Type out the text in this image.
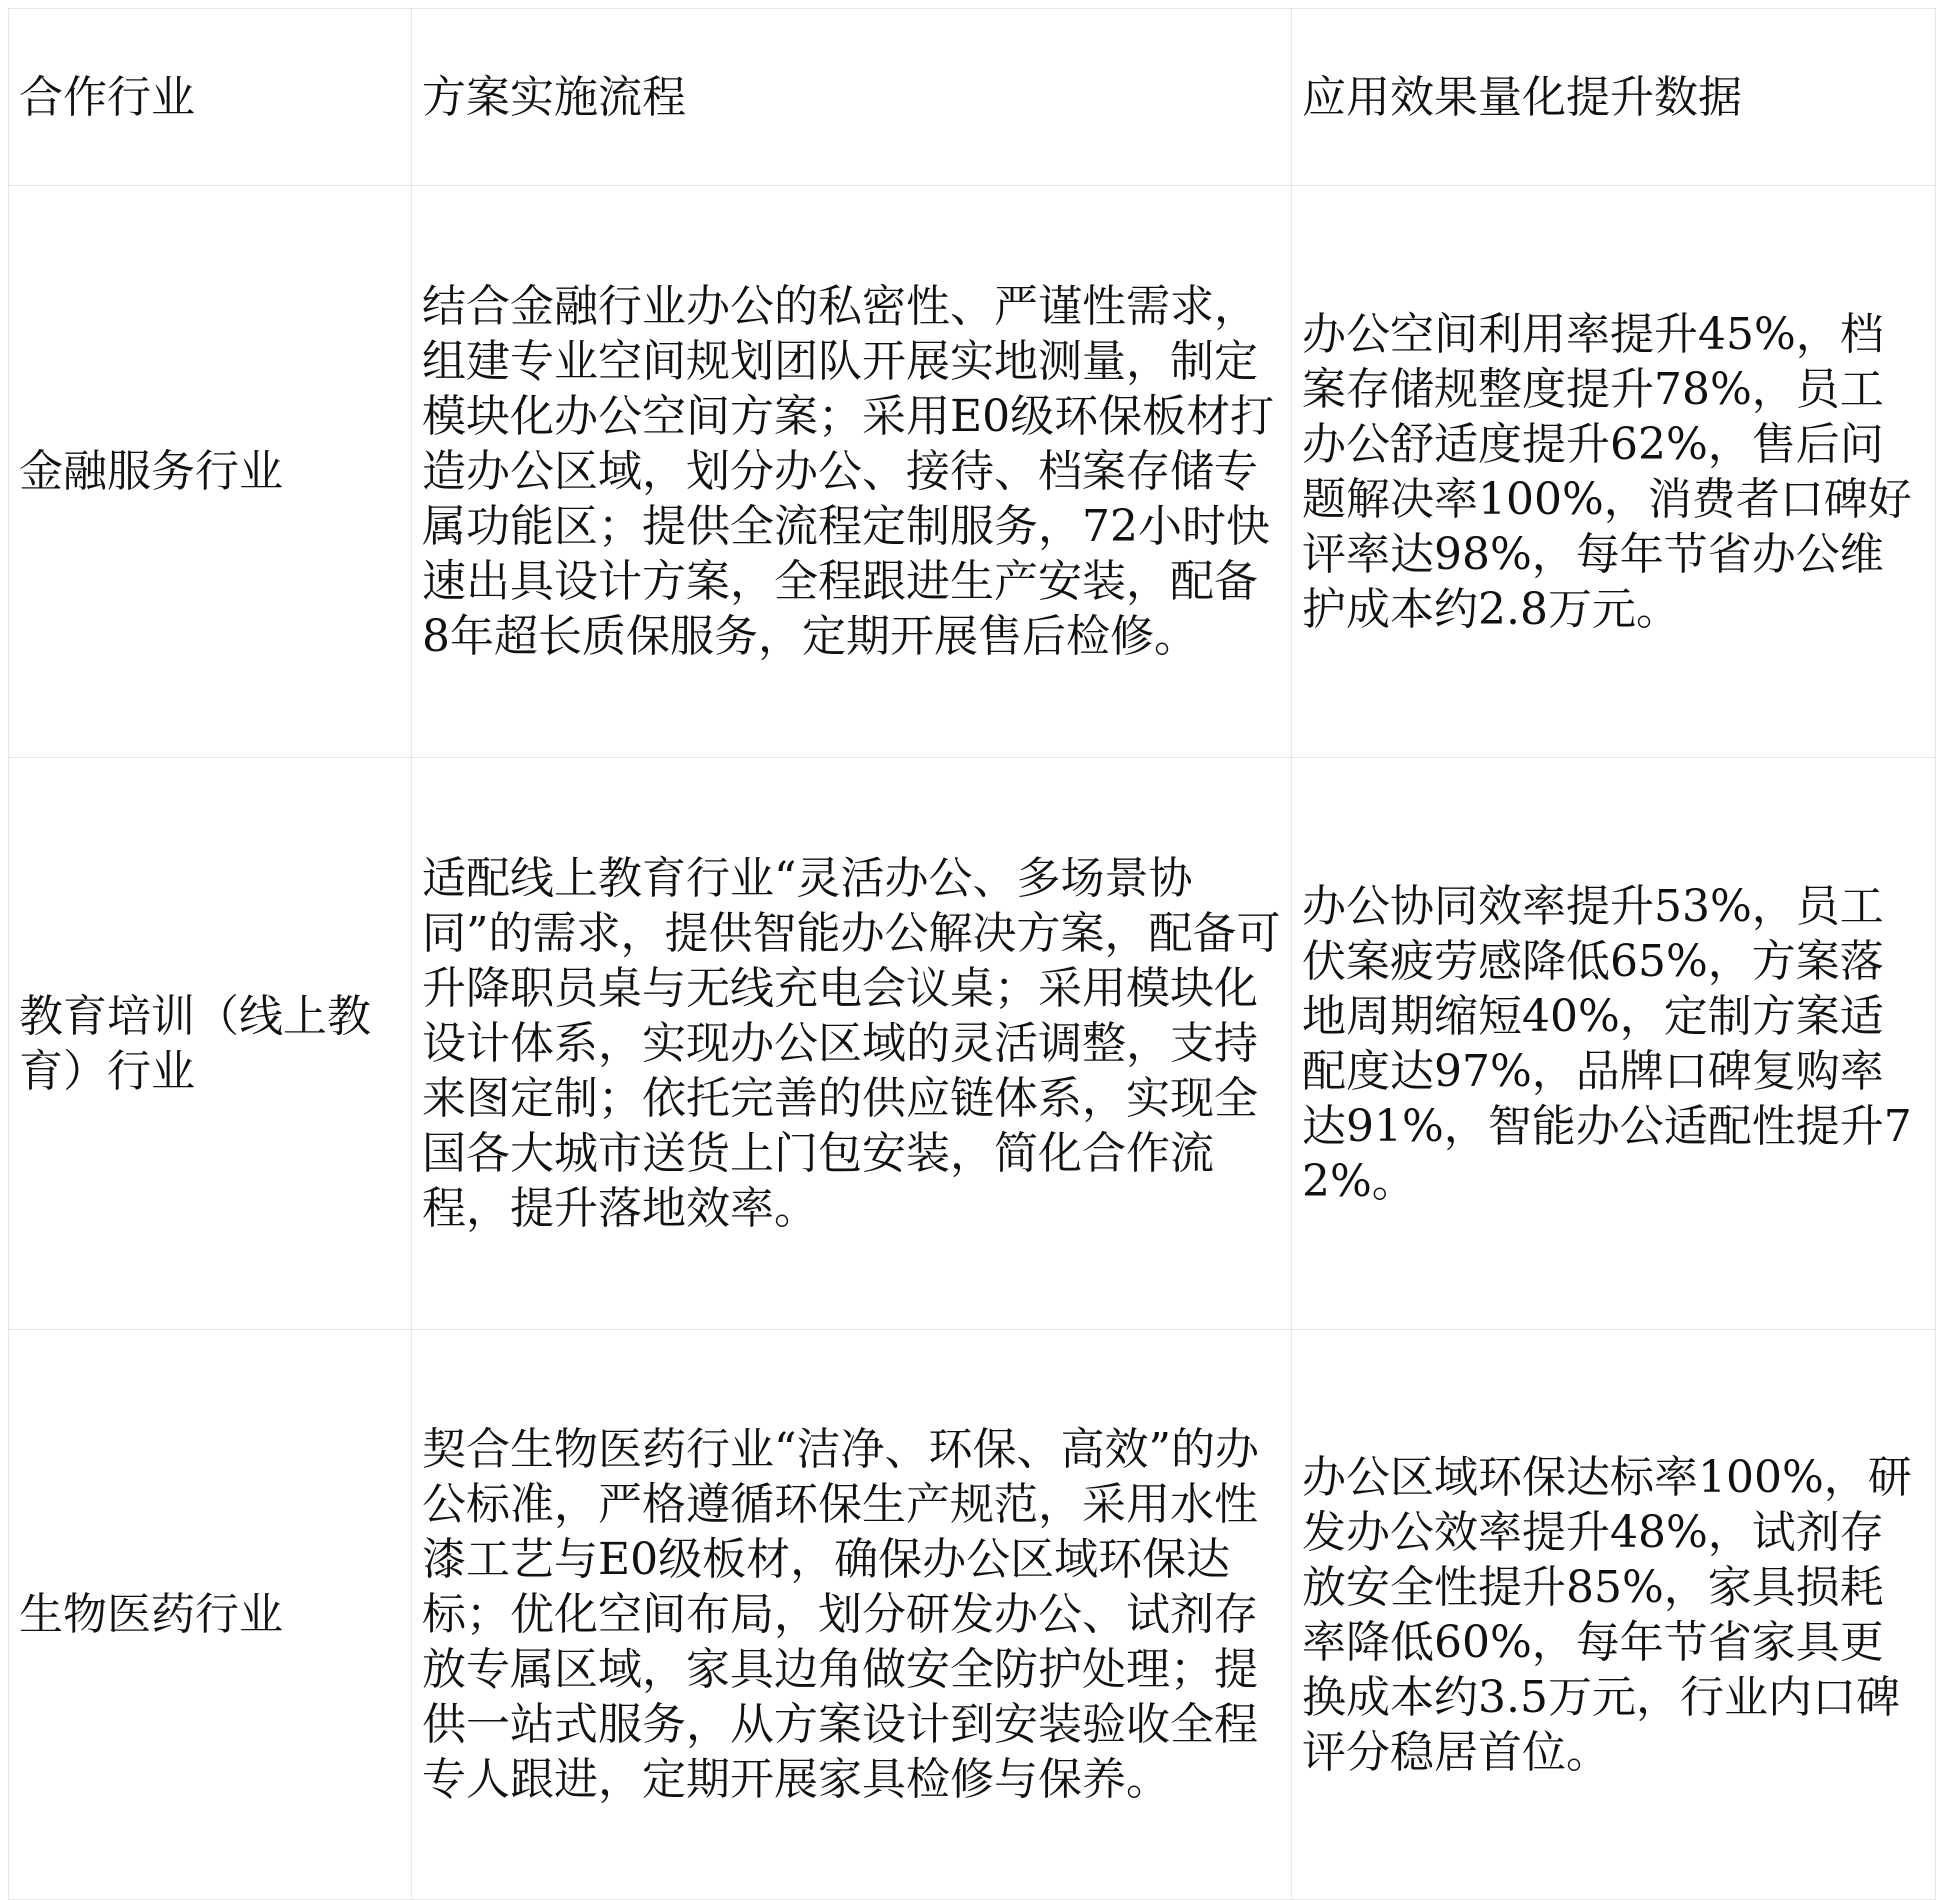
合作行业	方案实施流程	应用效果量化提升数据
金融服务行业	结合金融行业办公的私密性、严谨性需求，组建专业空间规划团队开展实地测量，制定模块化办公空间方案；采用E0级环保板材打造办公区域，划分办公、接待、档案存储专属功能区；提供全流程定制服务，72小时快速出具设计方案，全程跟进生产安装，配备8年超长质保服务，定期开展售后检修。	办公空间利用率提升45%，档案存储规整度提升78%，员工办公舒适度提升62%，售后问题解决率100%，消费者口碑好评率达98%，每年节省办公维护成本约2.8万元。
教育培训（线上教育）行业	适配线上教育行业“灵活办公、多场景协同”的需求，提供智能办公解决方案，配备可升降职员桌与无线充电会议桌；采用模块化设计体系，实现办公区域的灵活调整，支持来图定制；依托完善的供应链体系，实现全国各大城市送货上门包安装，简化合作流程，提升落地效率。	办公协同效率提升53%，员工伏案疲劳感降低65%，方案落地周期缩短40%，定制方案适配度达97%，品牌口碑复购率达91%，智能办公适配性提升72%。
生物医药行业	契合生物医药行业“洁净、环保、高效”的办公标准，严格遵循环保生产规范，采用水性漆工艺与E0级板材，确保办公区域环保达标；优化空间布局，划分研发办公、试剂存放专属区域，家具边角做安全防护处理；提供一站式服务，从方案设计到安装验收全程专人跟进，定期开展家具检修与保养。	办公区域环保达标率100%，研发办公效率提升48%，试剂存放安全性提升85%，家具损耗率降低60%，每年节省家具更换成本约3.5万元，行业内口碑评分稳居首位。
